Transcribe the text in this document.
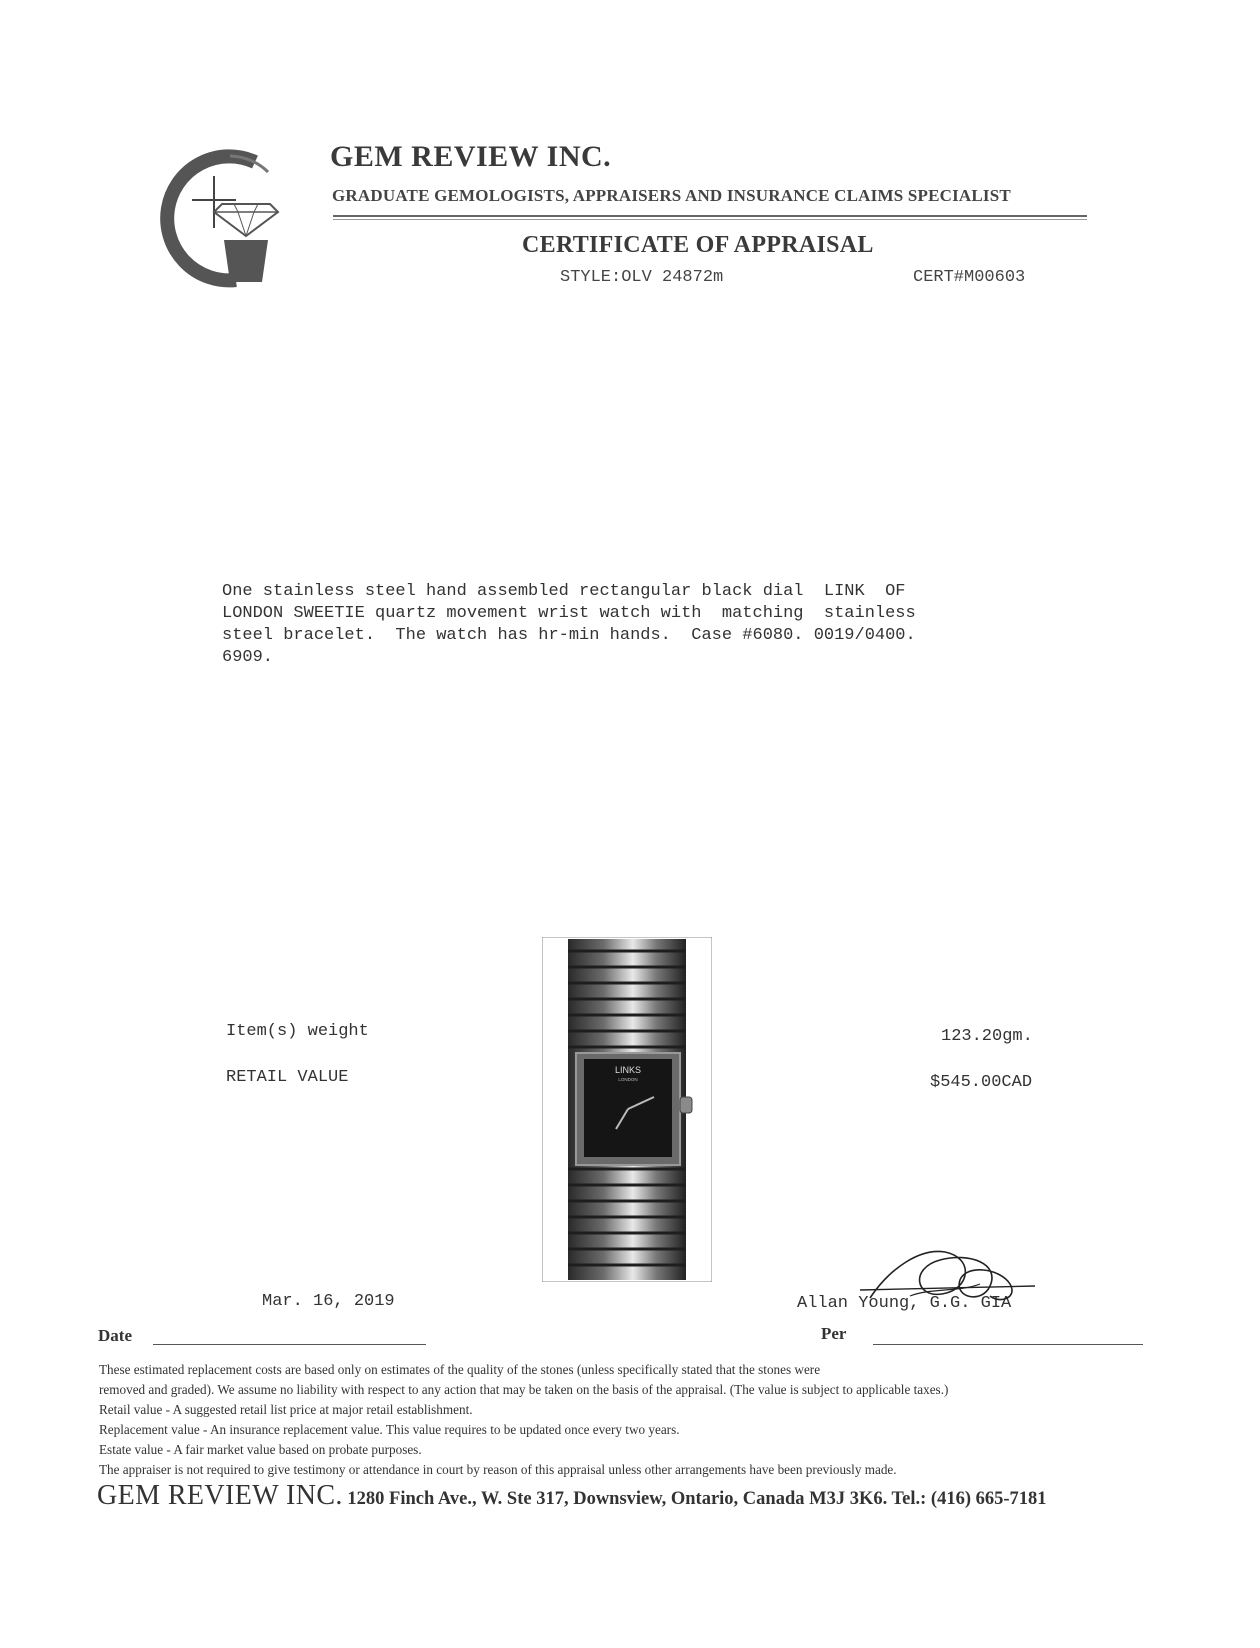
GEM REVIEW INC.
GRADUATE GEMOLOGISTS, APPRAISERS AND INSURANCE CLAIMS SPECIALIST
CERTIFICATE OF APPRAISAL
STYLE:OLV 24872m	CERT#M00603
One stainless steel hand assembled rectangular black dial  LINK  OF
LONDON SWEETIE quartz movement wrist watch with  matching  stainless
steel bracelet.  The watch has hr-min hands.  Case #6080. 0019/0400.
6909.
LINKS
LONDON
Item(s) weight	123.20gm.
RETAIL VALUE	$545.00CAD
Mar. 16, 2019	Allan Young, G.G. GIA
Date	Per
These estimated replacement costs are based only on estimates of the quality of the stones (unless specifically stated that the stones were
removed and graded). We assume no liability with respect to any action that may be taken on the basis of the appraisal. (The value is subject to applicable taxes.)
Retail value - A suggested retail list price at major retail establishment.
Replacement value - An insurance replacement value. This value requires to be updated once every two years.
Estate value - A fair market value based on probate purposes.
The appraiser is not required to give testimony or attendance in court by reason of this appraisal unless other arrangements have been previously made.
GEM REVIEW INC. 1280 Finch Ave., W. Ste 317, Downsview, Ontario, Canada M3J 3K6. Tel.: (416) 665-7181
